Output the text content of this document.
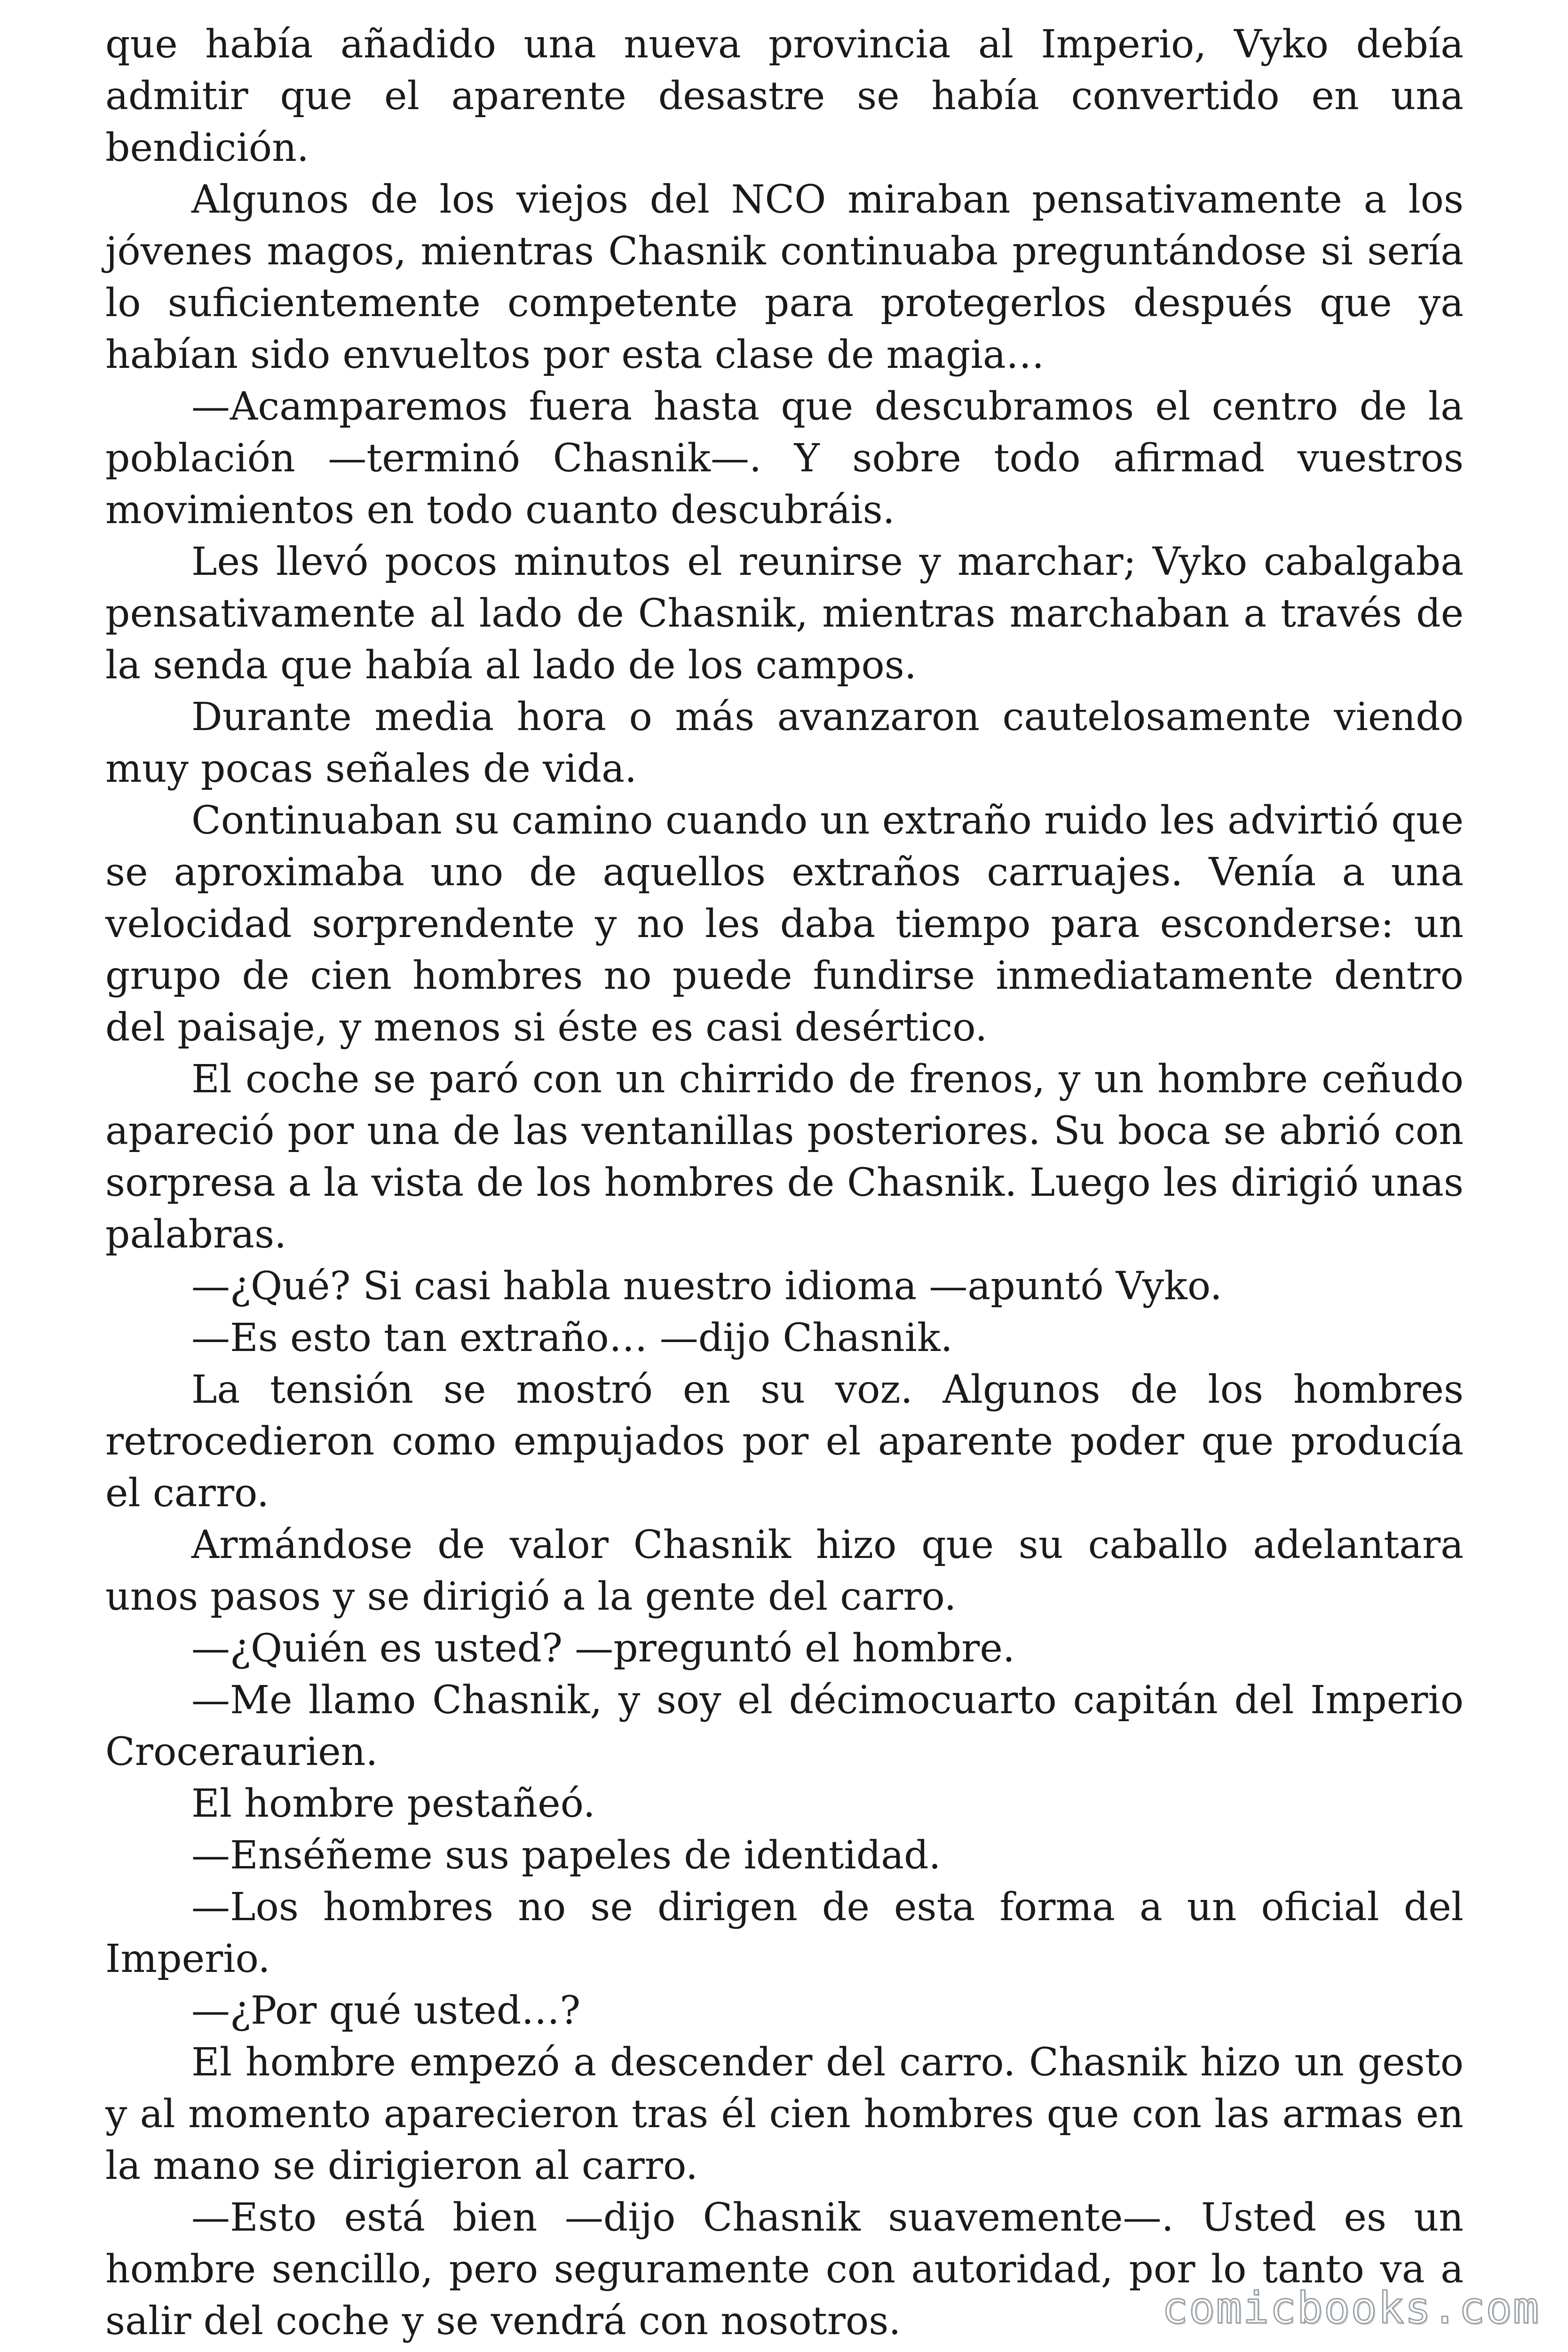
que había añadido una nueva provincia al Imperio, Vyko debía admitir que el aparente desastre se había convertido en una bendición.

Algunos de los viejos del NCO miraban pensativamente a los jóvenes magos, mientras Chasnik continuaba preguntándose si sería lo suficientemente competente para protegerlos después que ya habían sido envueltos por esta clase de magia…

—Acamparemos fuera hasta que descubramos el centro de la población —terminó Chasnik—. Y sobre todo afirmad vuestros movimientos en todo cuanto descubráis.

Les llevó pocos minutos el reunirse y marchar; Vyko cabalgaba pensativamente al lado de Chasnik, mientras marchaban a través de la senda que había al lado de los campos.

Durante media hora o más avanzaron cautelosamente viendo muy pocas señales de vida.

Continuaban su camino cuando un extraño ruido les advirtió que se aproximaba uno de aquellos extraños carruajes. Venía a una velocidad sorprendente y no les daba tiempo para esconderse: un grupo de cien hombres no puede fundirse inmediatamente dentro del paisaje, y menos si éste es casi desértico.

El coche se paró con un chirrido de frenos, y un hombre ceñudo apareció por una de las ventanillas posteriores. Su boca se abrió con sorpresa a la vista de los hombres de Chasnik. Luego les dirigió unas palabras.

—¿Qué? Si casi habla nuestro idioma —apuntó Vyko.

—Es esto tan extraño… —dijo Chasnik.

La tensión se mostró en su voz. Algunos de los hombres retrocedieron como empujados por el aparente poder que producía el carro.

Armándose de valor Chasnik hizo que su caballo adelantara unos pasos y se dirigió a la gente del carro.

—¿Quién es usted? —preguntó el hombre.

—Me llamo Chasnik, y soy el décimocuarto capitán del Imperio Croceraurien.

El hombre pestañeó.

—Enséñeme sus papeles de identidad.

—Los hombres no se dirigen de esta forma a un oficial del Imperio.

—¿Por qué usted…?

El hombre empezó a descender del carro. Chasnik hizo un gesto y al momento aparecieron tras él cien hombres que con las armas en la mano se dirigieron al carro.

—Esto está bien —dijo Chasnik suavemente—. Usted es un hombre sencillo, pero seguramente con autoridad, por lo tanto va a salir del coche y se vendrá con nosotros.	comicbooks.com
